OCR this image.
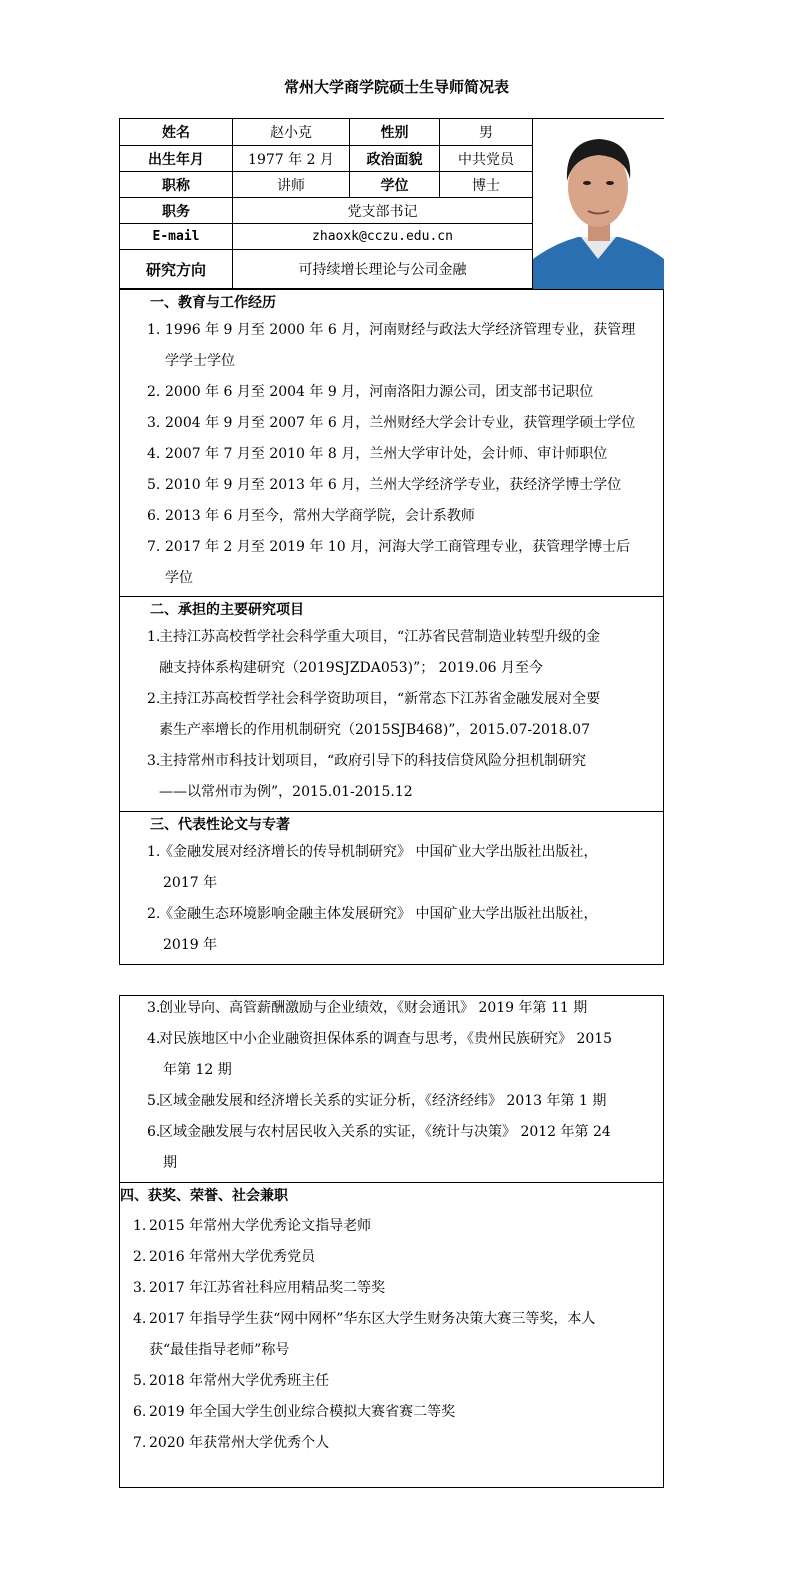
常州大学商学院硕士生导师简况表
姓名	赵小克	性别	男
出生年月	1977 年 2 月	政治面貌	中共党员
职称	讲师	学位	博士
职务	党支部书记
E-mail	zhaoxk@cczu.edu.cn
研究方向	可持续增长理论与公司金融
一、教育与工作经历
1. 1996 年 9 月至 2000 年 6 月，河南财经与政法大学经济管理专业，获管理
学学士学位
2. 2000 年 6 月至 2004 年 9 月，河南洛阳力源公司，团支部书记职位
3. 2004 年 9 月至 2007 年 6 月，兰州财经大学会计专业，获管理学硕士学位
4. 2007 年 7 月至 2010 年 8 月，兰州大学审计处，会计师、审计师职位
5. 2010 年 9 月至 2013 年 6 月，兰州大学经济学专业，获经济学博士学位
6. 2013 年 6 月至今，常州大学商学院，会计系教师
7. 2017 年 2 月至 2019 年 10 月，河海大学工商管理专业，获管理学博士后
学位
二、承担的主要研究项目
1.
主持江苏高校哲学社会科学重大项目，“江苏省民营制造业转型升级的金
融支持体系构建研究（2019SJZDA053)”； 2019.06 月至今
2.
主持江苏高校哲学社会科学资助项目，“新常态下江苏省金融发展对全要
素生产率增长的作用机制研究（2015SJB468)”，2015.07-2018.07
3.
主持常州市科技计划项目，“政府引导下的科技信贷风险分担机制研究
——以常州市为例”，2015.01-2015.12
三、代表性论文与专著
1.
《金融发展对经济增长的传导机制研究》 中国矿业大学出版社出版社，
2017 年
2.
《金融生态环境影响金融主体发展研究》 中国矿业大学出版社出版社，
2019 年
3.
创业导向、高管薪酬激励与企业绩效，《财会通讯》 2019 年第 11 期
4.
对民族地区中小企业融资担保体系的调查与思考，《贵州民族研究》 2015
年第 12 期
5.
区域金融发展和经济增长关系的实证分析，《经济经纬》 2013 年第 1 期
6.
区域金融发展与农村居民收入关系的实证，《统计与决策》 2012 年第 24
期
四、获奖、荣誉、社会兼职
1. 2015 年常州大学优秀论文指导老师
2. 2016 年常州大学优秀党员
3. 2017 年江苏省社科应用精品奖二等奖
4. 2017 年指导学生获“网中网杯”华东区大学生财务决策大赛三等奖，本人
获“最佳指导老师”称号
5. 2018 年常州大学优秀班主任
6. 2019 年全国大学生创业综合模拟大赛省赛二等奖
7. 2020 年获常州大学优秀个人
